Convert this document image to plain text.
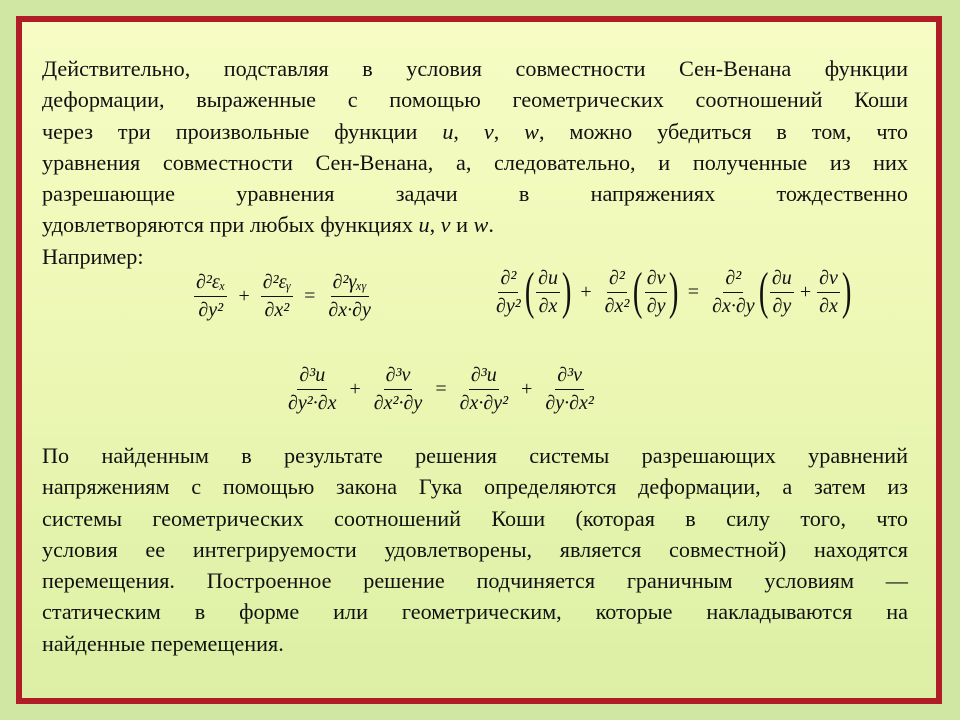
Действительно, подставляя в условия совместности Сен-Венана функции
деформации, выраженные с помощью геометрических соотношений Коши
через три произвольные функции u, v, w, можно убедиться в том, что
уравнения совместности Сен-Венана, а, следовательно, и полученные из них
разрешающие уравнения задачи в напряжениях тождественно
удовлетворяются при любых функциях u, v и w.
Например:
$\frac{\text{∂²εₓ}}{\text{∂y²}} + \frac{\text{∂²εᵧ}}{\text{∂x²}} = \frac{\text{∂²γₓᵧ}}{\partial x\cdot\partial y}$	$\frac{\text{∂²}}{\text{∂y²}}$ ( $\frac{\partial u}{\partial x}$ ) + $\frac{\text{∂²}}{\text{∂x²}}$ ( $\frac{\partial v}{\partial y}$ ) = $\frac{\text{∂²}}{\partial x\cdot\partial y}$ ( $\frac{\partial u}{\partial y} + \frac{\partial v}{\partial x}$ )
$\frac{\text{∂³u}}{\text{∂y²·∂x}} + \frac{\text{∂³v}}{\text{∂x²·∂y}} = \frac{\text{∂³u}}{\text{∂x·∂y²}} + \frac{\text{∂³v}}{\text{∂y·∂x²}}$
По найденным в результате решения системы разрешающих уравнений
напряжениям с помощью закона Гука определяются деформации, а затем из
системы геометрических соотношений Коши (которая в силу того, что
условия ее интегрируемости удовлетворены, является совместной) находятся
перемещения. Построенное решение подчиняется граничным условиям —
статическим в форме или геометрическим, которые накладываются на
найденные перемещения.
